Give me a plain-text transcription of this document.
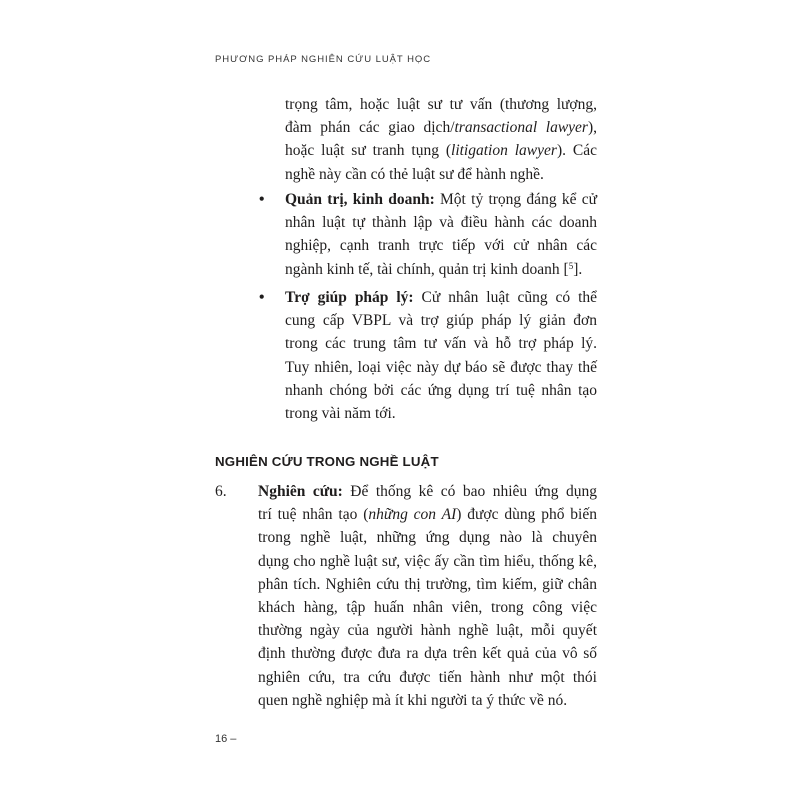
PHƯƠNG PHÁP NGHIÊN CỨU LUẬT HỌC
trọng tâm, hoặc luật sư tư vấn (thương lượng,
đàm phán các giao dịch/transactional lawyer),
hoặc luật sư tranh tụng (litigation lawyer). Các
nghề này cần có thẻ luật sư để hành nghề.
• Quản trị, kinh doanh: Một tỷ trọng đáng kể cử
nhân luật tự thành lập và điều hành các doanh
nghiệp, cạnh tranh trực tiếp với cử nhân các
ngành kinh tế, tài chính, quản trị kinh doanh [$^5$].
• Trợ giúp pháp lý: Cử nhân luật cũng có thể
cung cấp VBPL và trợ giúp pháp lý giản đơn
trong các trung tâm tư vấn và hỗ trợ pháp lý.
Tuy nhiên, loại việc này dự báo sẽ được thay thế
nhanh chóng bởi các ứng dụng trí tuệ nhân tạo
trong vài năm tới.
NGHIÊN CỨU TRONG NGHỀ LUẬT
6. Nghiên cứu: Để thống kê có bao nhiêu ứng dụng
trí tuệ nhân tạo (những con AI) được dùng phổ biến
trong nghề luật, những ứng dụng nào là chuyên
dụng cho nghề luật sư, việc ấy cần tìm hiểu, thống kê,
phân tích. Nghiên cứu thị trường, tìm kiếm, giữ chân
khách hàng, tập huấn nhân viên, trong công việc
thường ngày của người hành nghề luật, mỗi quyết
định thường được đưa ra dựa trên kết quả của vô số
nghiên cứu, tra cứu được tiến hành như một thói
quen nghề nghiệp mà ít khi người ta ý thức về nó.
16 –
